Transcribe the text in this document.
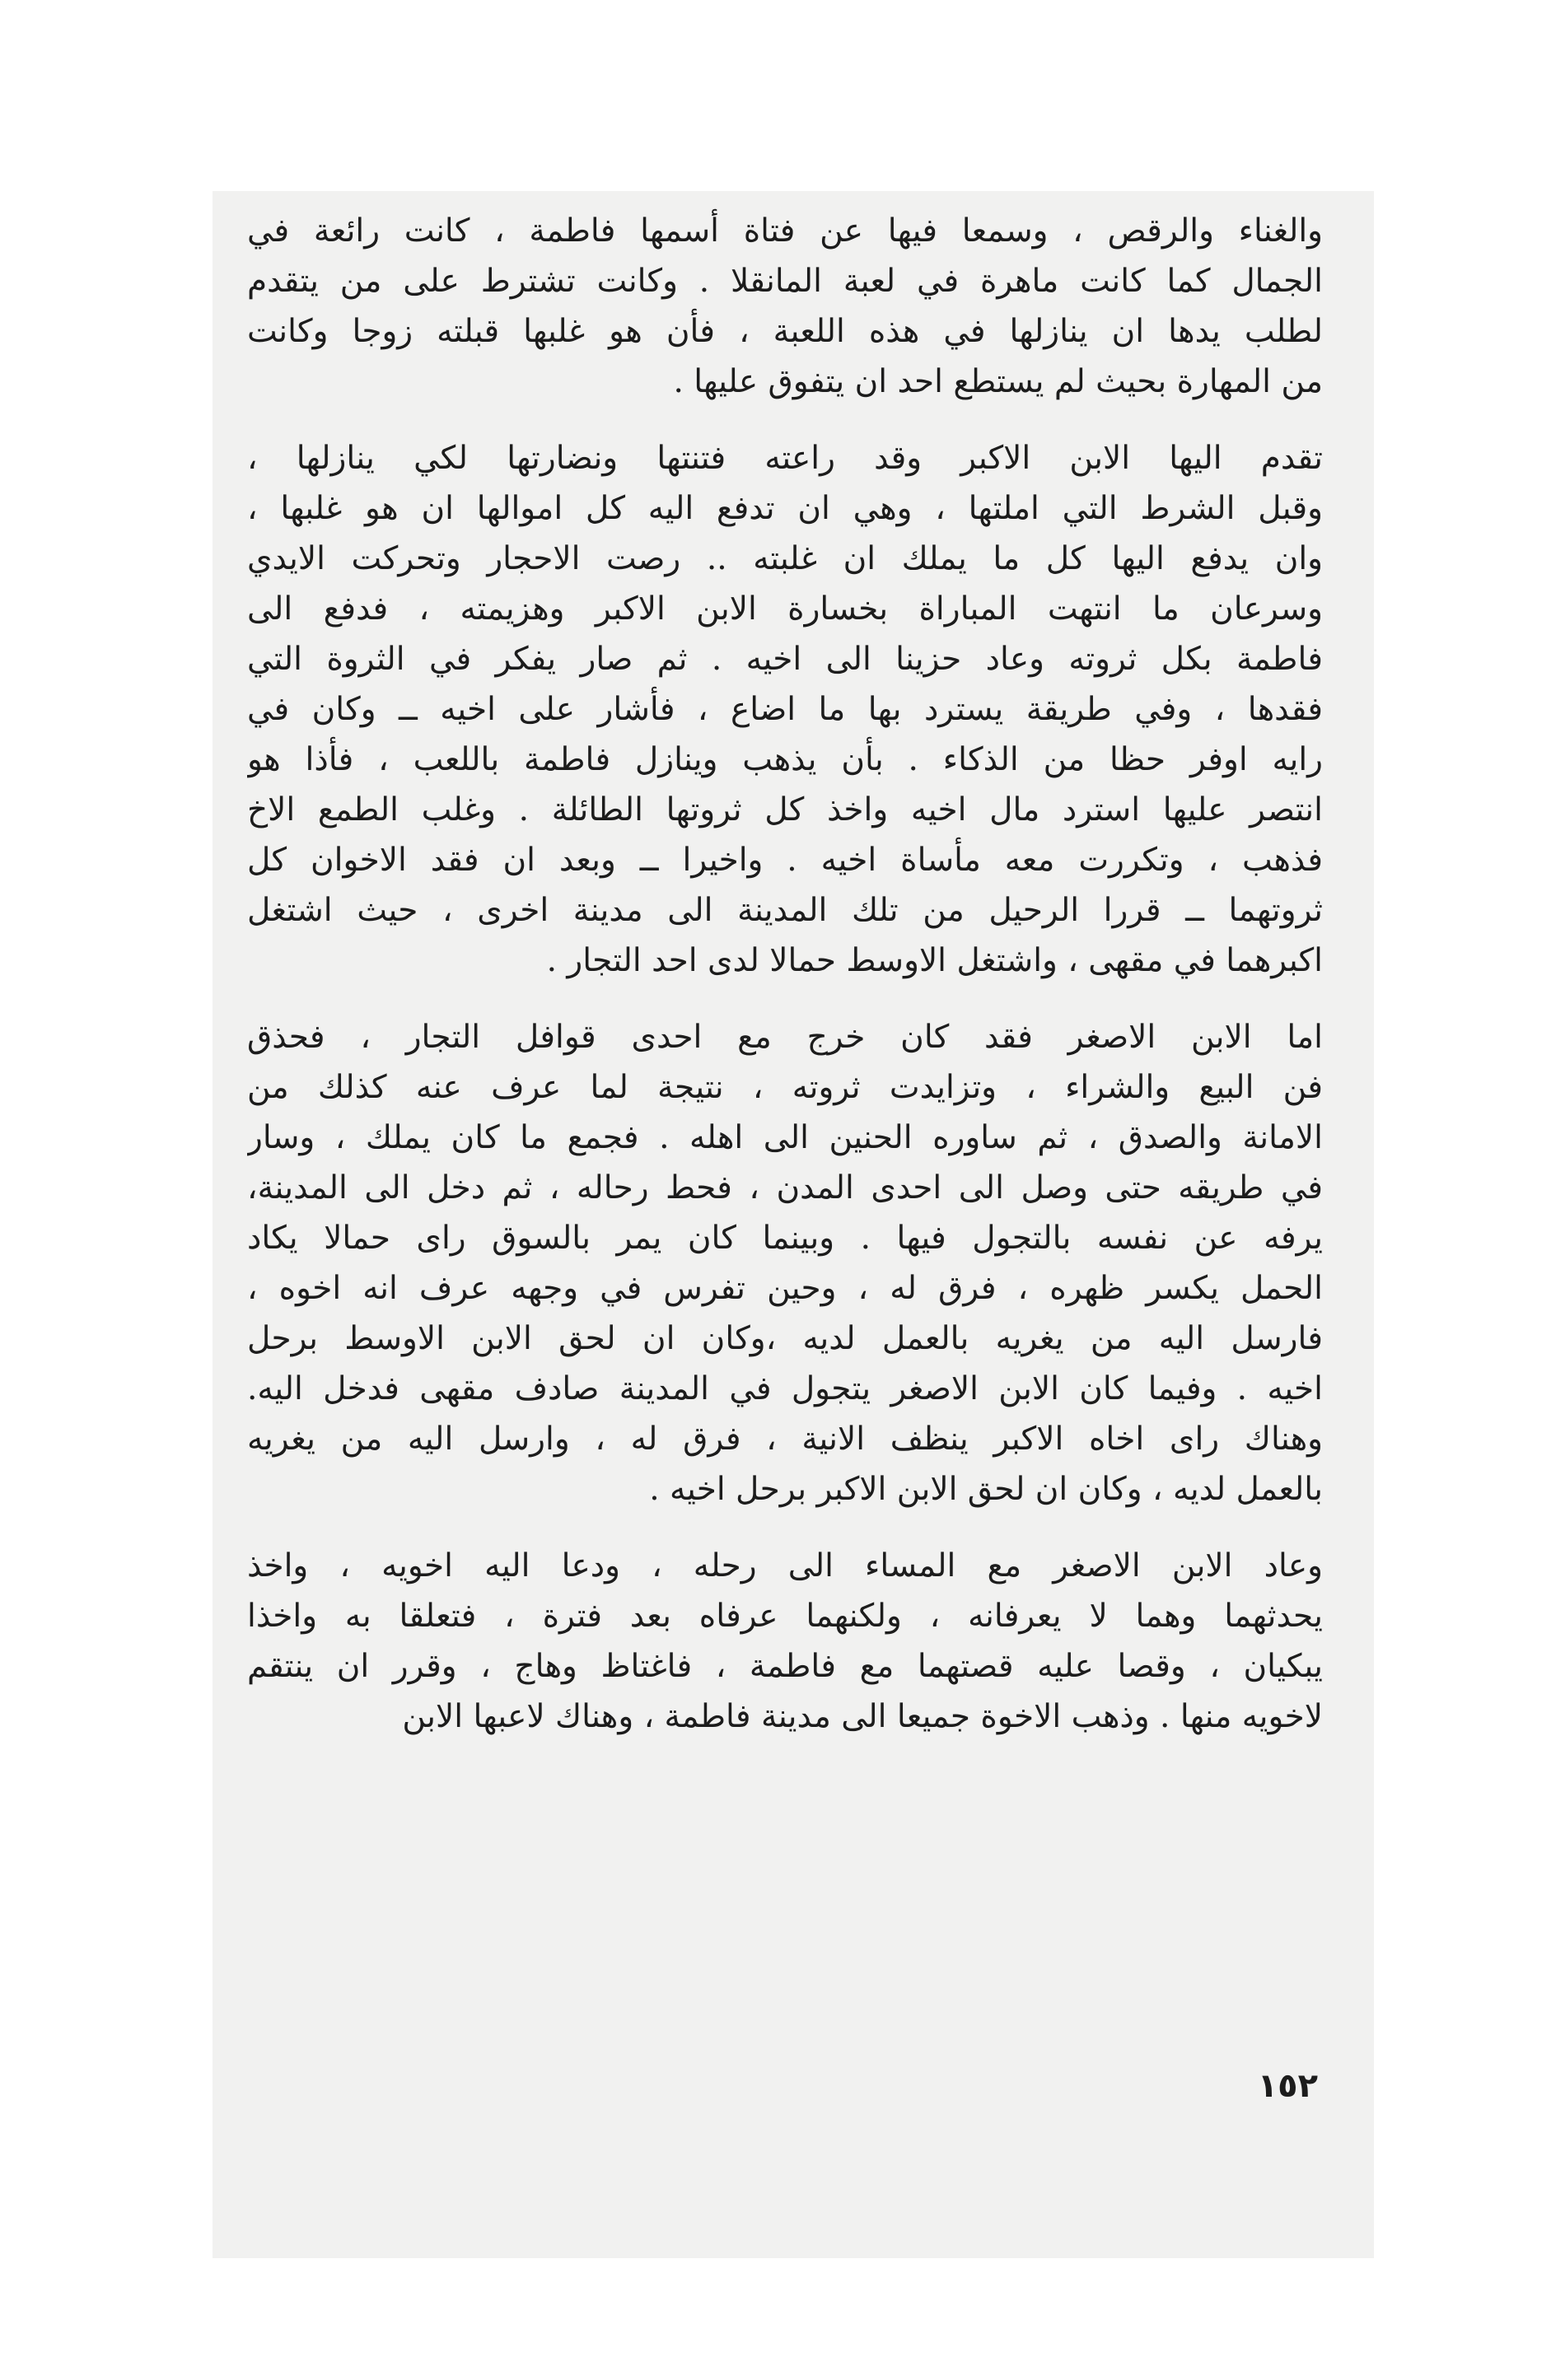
والغناء والرقص ، وسمعا فيها عن فتاة أسمها فاطمة ، كانت رائعة في
الجمال كما كانت ماهرة في لعبة المانقلا . وكانت تشترط على من يتقدم
لطلب يدها ان ينازلها في هذه اللعبة ، فأن هو غلبها قبلته زوجا وكانت
من المهارة بحيث لم يستطع احد ان يتفوق عليها .
تقدم اليها الابن الاكبر وقد راعته فتنتها ونضارتها لكي ينازلها ،
وقبل الشرط التي املتها ، وهي ان تدفع اليه كل اموالها ان هو غلبها ،
وان يدفع اليها كل ما يملك ان غلبته .. رصت الاحجار وتحركت الايدي
وسرعان ما انتهت المباراة بخسارة الابن الاكبر وهزيمته ، فدفع الى
فاطمة بكل ثروته وعاد حزينا الى اخيه . ثم صار يفكر في الثروة التي
فقدها ، وفي طريقة يسترد بها ما اضاع ، فأشار على اخيه ــ وكان في
رايه اوفر حظا من الذكاء . بأن يذهب وينازل فاطمة باللعب ، فأذا هو
انتصر عليها استرد مال اخيه واخذ كل ثروتها الطائلة . وغلب الطمع الاخ
فذهب ، وتكررت معه مأساة اخيه . واخيرا ــ وبعد ان فقد الاخوان كل
ثروتهما ــ قررا الرحيل من تلك المدينة الى مدينة اخرى ، حيث اشتغل
اكبرهما في مقهى ، واشتغل الاوسط حمالا لدى احد التجار .
اما الابن الاصغر فقد كان خرج مع احدى قوافل التجار ، فحذق
فن البيع والشراء ، وتزايدت ثروته ، نتيجة لما عرف عنه كذلك من
الامانة والصدق ، ثم ساوره الحنين الى اهله . فجمع ما كان يملك ، وسار
في طريقه حتى وصل الى احدى المدن ، فحط رحاله ، ثم دخل الى المدينة،
يرفه عن نفسه بالتجول فيها . وبينما كان يمر بالسوق راى حمالا يكاد
الحمل يكسر ظهره ، فرق له ، وحين تفرس في وجهه عرف انه اخوه ،
فارسل اليه من يغريه بالعمل لديه ،وكان ان لحق الابن الاوسط برحل
اخيه . وفيما كان الابن الاصغر يتجول في المدينة صادف مقهى فدخل اليه.
وهناك راى اخاه الاكبر ينظف الانية ، فرق له ، وارسل اليه من يغريه
بالعمل لديه ، وكان ان لحق الابن الاكبر برحل اخيه .
وعاد الابن الاصغر مع المساء الى رحله ، ودعا اليه اخويه ، واخذ
يحدثهما وهما لا يعرفانه ، ولكنهما عرفاه بعد فترة ، فتعلقا به واخذا
يبكيان ، وقصا عليه قصتهما مع فاطمة ، فاغتاظ وهاج ، وقرر ان ينتقم
لاخويه منها . وذهب الاخوة جميعا الى مدينة فاطمة ، وهناك لاعبها الابن
١٥٢
